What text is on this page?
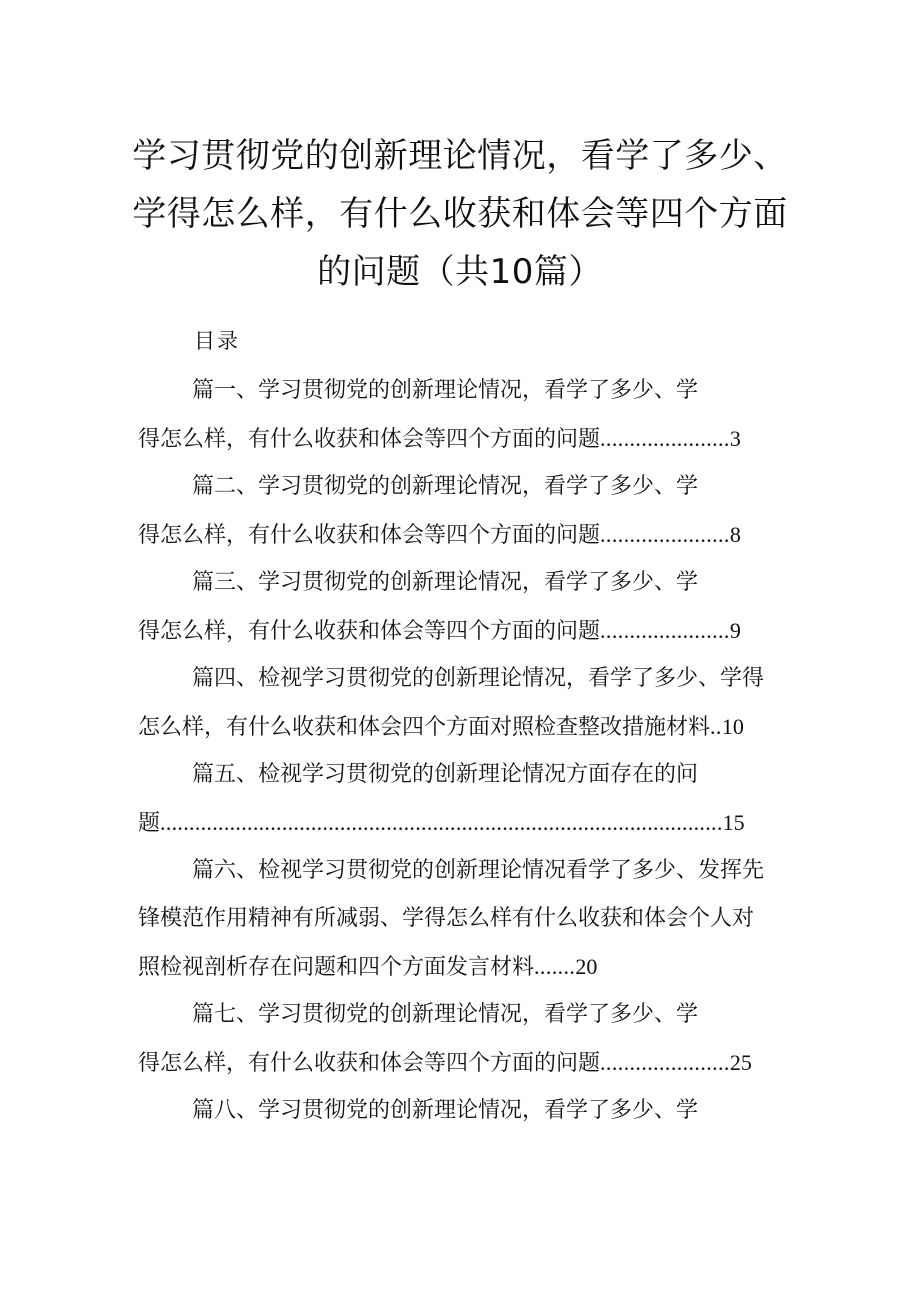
学习贯彻党的创新理论情况，看学了多少、
学得怎么样，有什么收获和体会等四个方面
的问题（共10篇）
目录
篇一、学习贯彻党的创新理论情况，看学了多少、学
得怎么样，有什么收获和体会等四个方面的问题......................3
篇二、学习贯彻党的创新理论情况，看学了多少、学
得怎么样，有什么收获和体会等四个方面的问题......................8
篇三、学习贯彻党的创新理论情况，看学了多少、学
得怎么样，有什么收获和体会等四个方面的问题......................9
篇四、检视学习贯彻党的创新理论情况，看学了多少、学得
怎么样，有什么收获和体会四个方面对照检查整改措施材料..10
篇五、检视学习贯彻党的创新理论情况方面存在的问
题.................................................................................................15
篇六、检视学习贯彻党的创新理论情况看学了多少、发挥先
锋模范作用精神有所减弱、学得怎么样有什么收获和体会个人对
照检视剖析存在问题和四个方面发言材料.......20
篇七、学习贯彻党的创新理论情况，看学了多少、学
得怎么样，有什么收获和体会等四个方面的问题......................25
篇八、学习贯彻党的创新理论情况，看学了多少、学
